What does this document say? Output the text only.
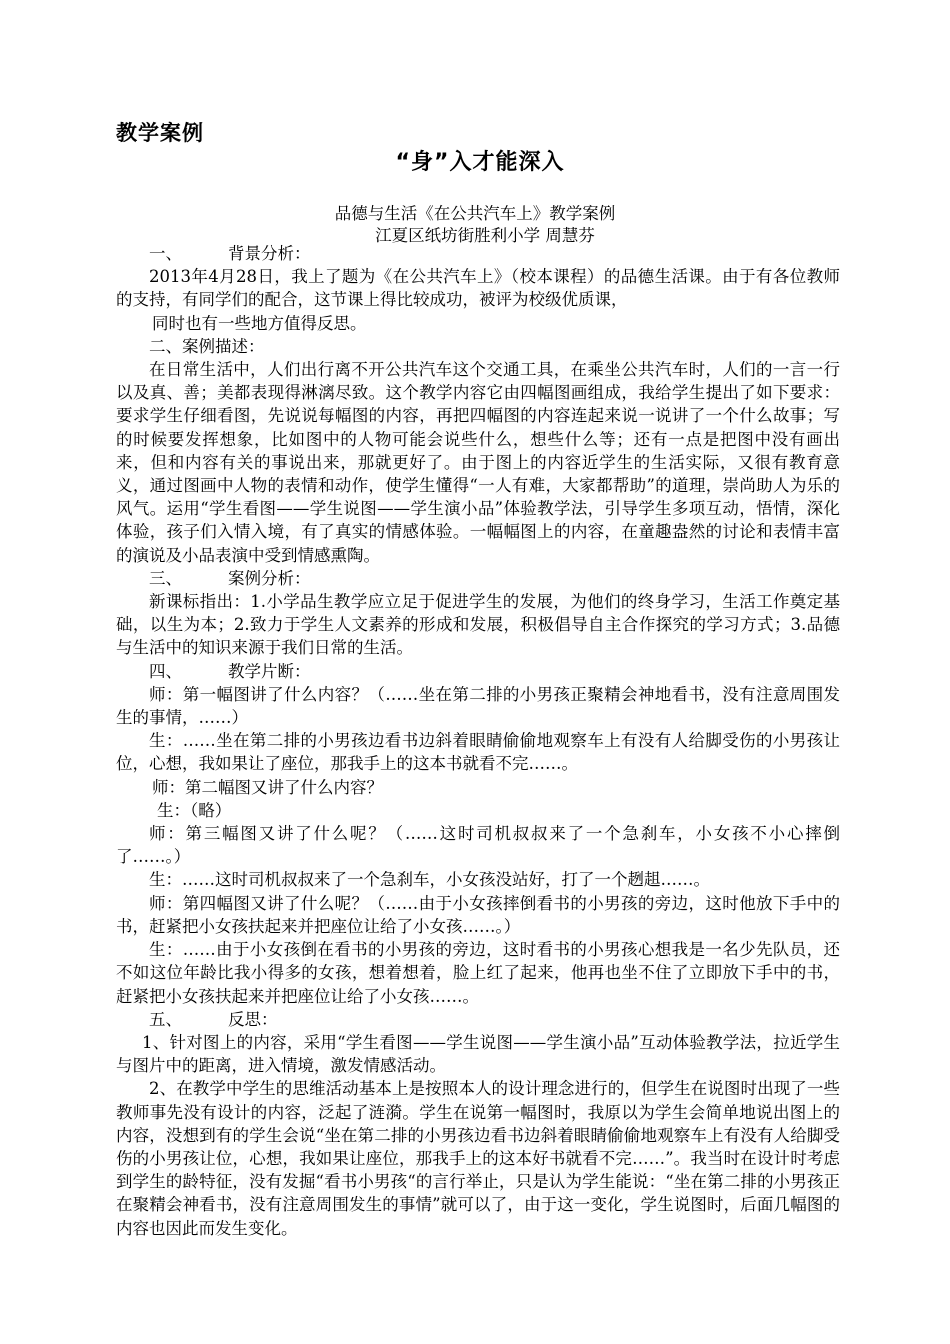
教学案例
“身”入才能深入
品德与生活《在公共汽车上》教学案例
江夏区纸坊街胜利小学 周慧芬

一、	背景分析：

2013年4月28日，我上了题为《在公共汽车上》（校本课程）的品德生活课。由于有各位教师的支持，有同学们的配合，这节课上得比较成功，被评为校级优质课，

同时也有一些地方值得反思。

二、案例描述：

在日常生活中，人们出行离不开公共汽车这个交通工具，在乘坐公共汽车时，人们的一言一行以及真、善；美都表现得淋漓尽致。这个教学内容它由四幅图画组成，我给学生提出了如下要求：要求学生仔细看图，先说说每幅图的内容，再把四幅图的内容连起来说一说讲了一个什么故事；写的时候要发挥想象，比如图中的人物可能会说些什么，想些什么等；还有一点是把图中没有画出来，但和内容有关的事说出来，那就更好了。由于图上的内容近学生的生活实际，又很有教育意义，通过图画中人物的表情和动作，使学生懂得“一人有难，大家都帮助”的道理，崇尚助人为乐的风气。运用“学生看图——学生说图——学生演小品”体验教学法，引导学生多项互动，悟情，深化体验，孩子们入情入境，有了真实的情感体验。一幅幅图上的内容，在童趣盎然的讨论和表情丰富的演说及小品表演中受到情感熏陶。

三、	案例分析：

新课标指出：1.小学品生教学应立足于促进学生的发展，为他们的终身学习，生活工作奠定基础，以生为本；2.致力于学生人文素养的形成和发展，积极倡导自主合作探究的学习方式；3.品德与生活中的知识来源于我们日常的生活。

四、	教学片断：

师：第一幅图讲了什么内容？（……坐在第二排的小男孩正聚精会神地看书，没有注意周围发生的事情，……）

生：……坐在第二排的小男孩边看书边斜着眼睛偷偷地观察车上有没有人给脚受伤的小男孩让位，心想，我如果让了座位，那我手上的这本书就看不完……。

师：第二幅图又讲了什么内容？

生：（略）

师：第三幅图又讲了什么呢？（……这时司机叔叔来了一个急刹车，小女孩不小心摔倒了……。）

生：……这时司机叔叔来了一个急刹车，小女孩没站好，打了一个趔趄……。

师：第四幅图又讲了什么呢？（……由于小女孩摔倒看书的小男孩的旁边，这时他放下手中的书，赶紧把小女孩扶起来并把座位让给了小女孩……。）

生：……由于小女孩倒在看书的小男孩的旁边，这时看书的小男孩心想我是一名少先队员，还不如这位年龄比我小得多的女孩，想着想着，脸上红了起来，他再也坐不住了立即放下手中的书，赶紧把小女孩扶起来并把座位让给了小女孩……。

五、	反思：

1、针对图上的内容，采用“学生看图——学生说图——学生演小品”互动体验教学法，拉近学生与图片中的距离，进入情境，激发情感活动。

2、在教学中学生的思维活动基本上是按照本人的设计理念进行的，但学生在说图时出现了一些教师事先没有设计的内容，泛起了涟漪。学生在说第一幅图时，我原以为学生会简单地说出图上的内容，没想到有的学生会说“坐在第二排的小男孩边看书边斜着眼睛偷偷地观察车上有没有人给脚受伤的小男孩让位，心想，我如果让座位，那我手上的这本好书就看不完……”。我当时在设计时考虑到学生的龄特征，没有发掘“看书小男孩“的言行举止，只是认为学生能说：“坐在第二排的小男孩正在聚精会神看书，没有注意周围发生的事情”就可以了，由于这一变化，学生说图时，后面几幅图的内容也因此而发生变化。
